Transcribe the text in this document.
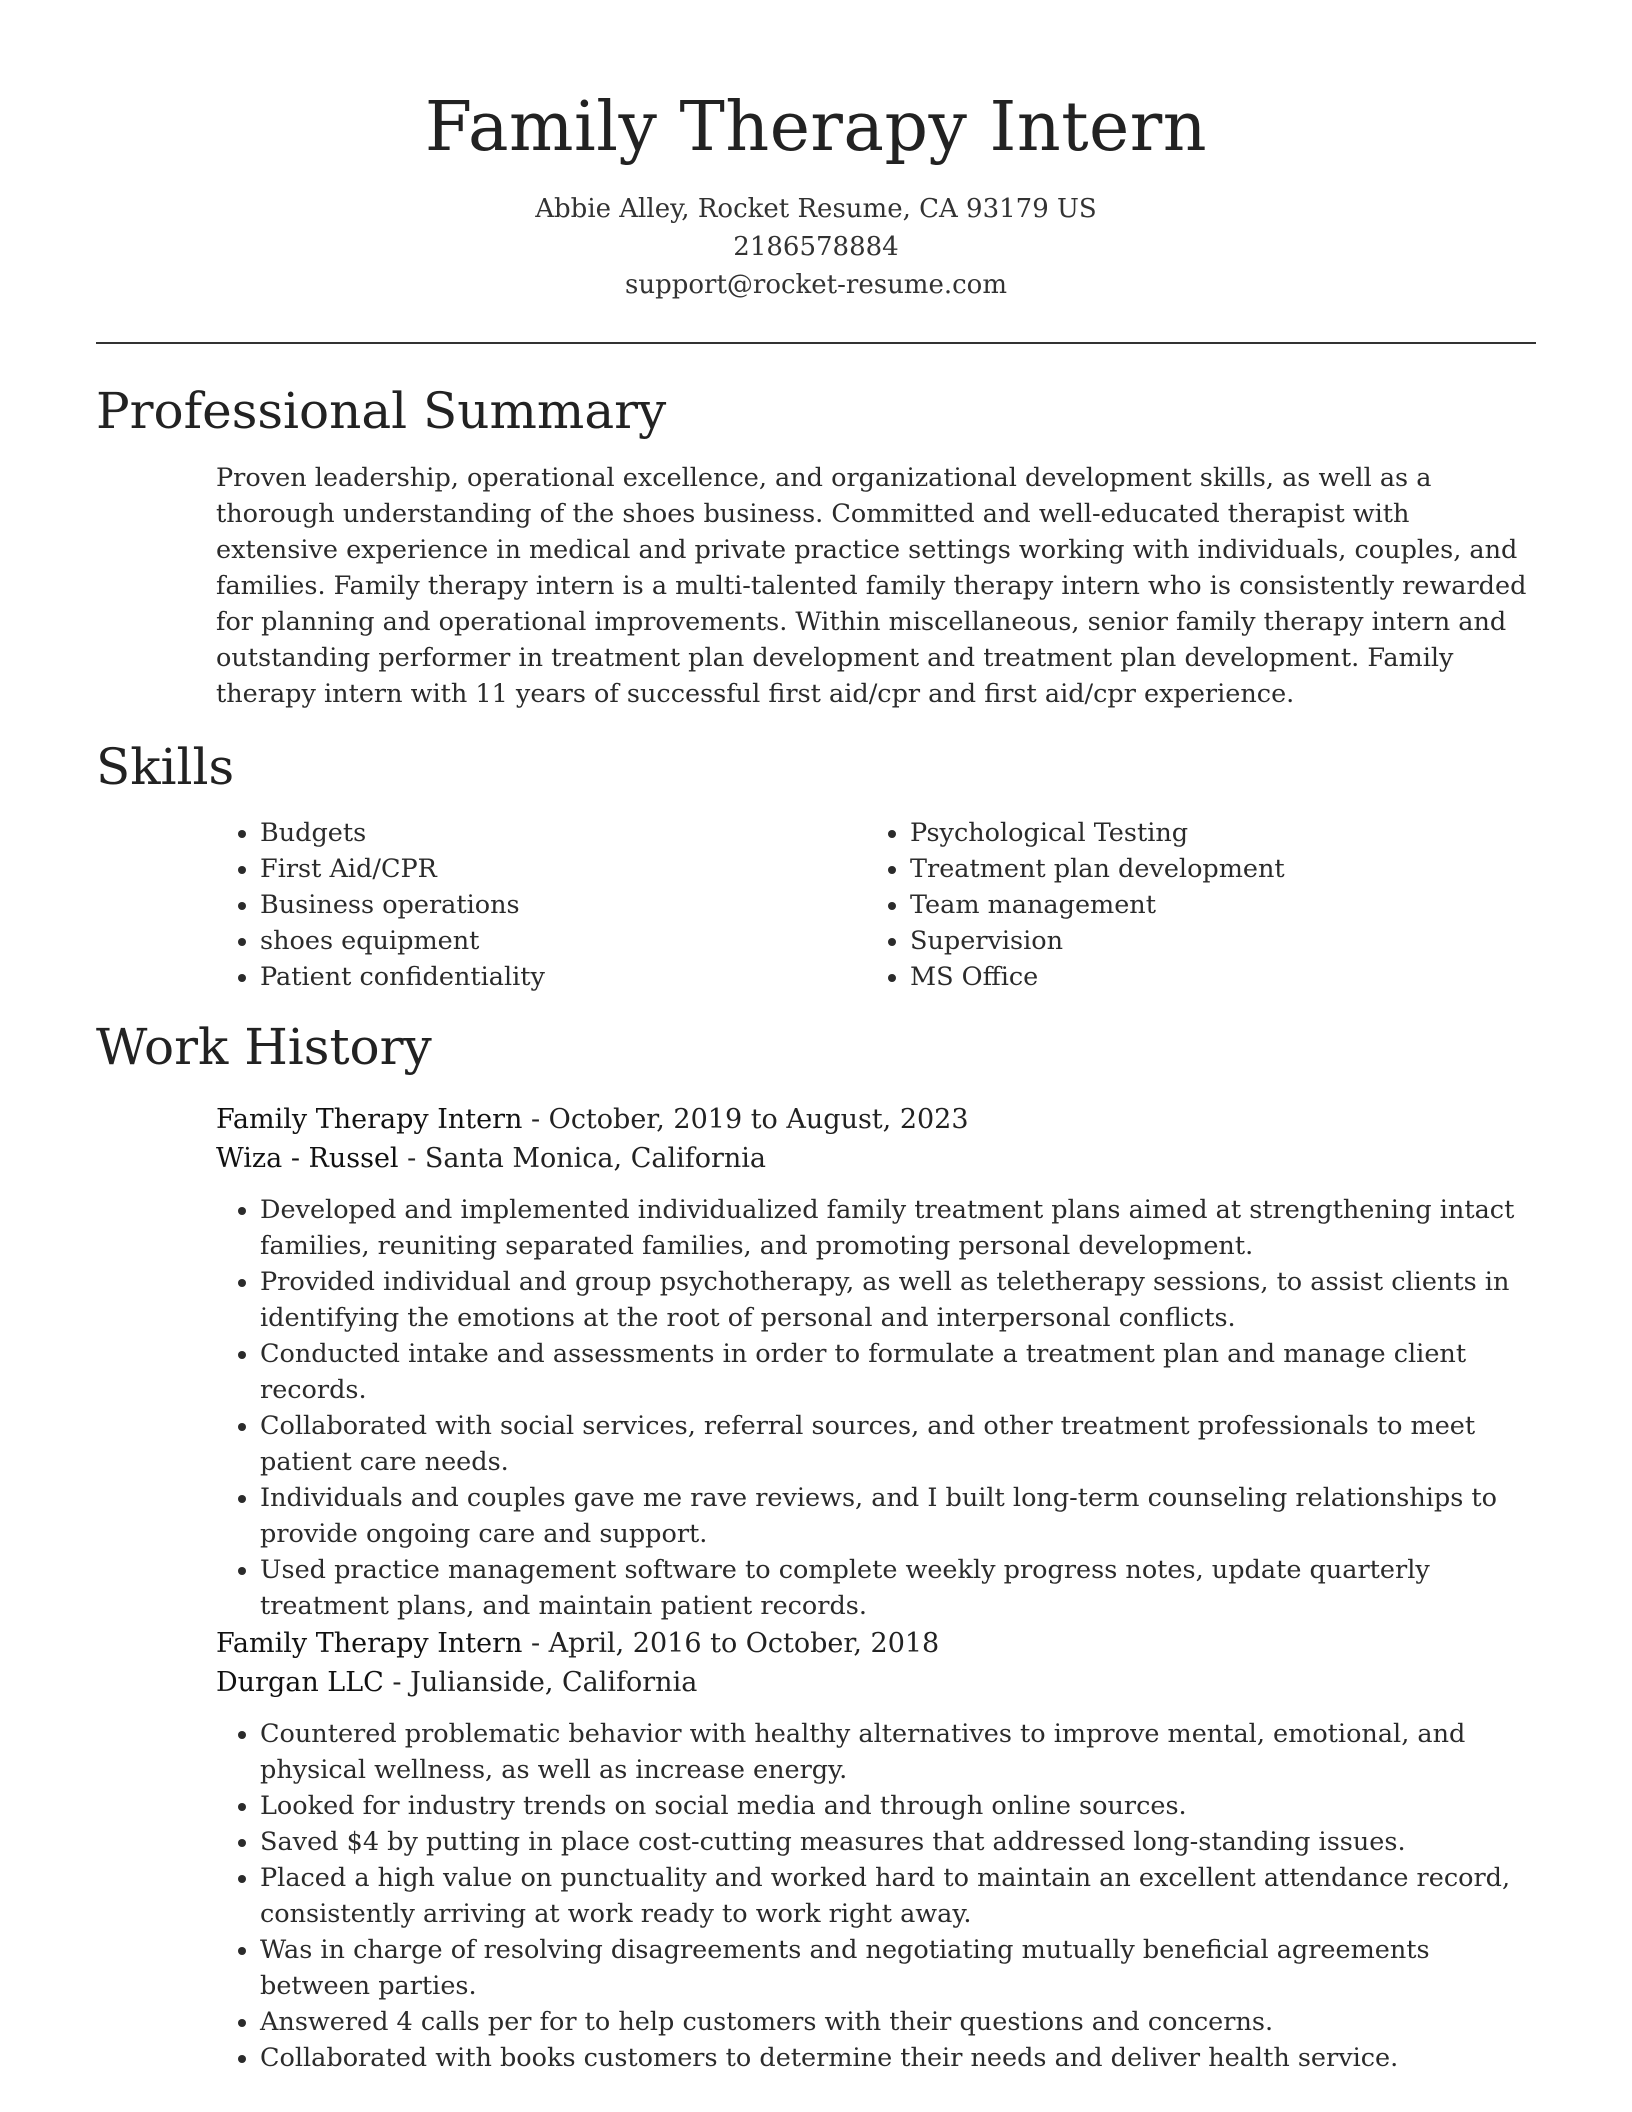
Family Therapy Intern
Abbie Alley, Rocket Resume, CA 93179 US
2186578884
support@rocket-resume.com
Professional Summary

Proven leadership, operational excellence, and organizational development skills, as well as a thorough understanding of the shoes business. Committed and well-educated therapist with extensive experience in medical and private practice settings working with individuals, couples, and families. Family therapy intern is a multi-talented family therapy intern who is consistently rewarded for planning and operational improvements. Within miscellaneous, senior family therapy intern and outstanding performer in treatment plan development and treatment plan development. Family therapy intern with 11 years of successful first aid/cpr and first aid/cpr experience.

Skills
• Budgets
• First Aid/CPR
• Business operations
• shoes equipment
• Patient confidentiality
• Psychological Testing
• Treatment plan development
• Team management
• Supervision
• MS Office
Work History
Family Therapy Intern - October, 2019 to August, 2023
Wiza - Russel - Santa Monica, California
• Developed and implemented individualized family treatment plans aimed at strengthening intact families, reuniting separated families, and promoting personal development.
• Provided individual and group psychotherapy, as well as teletherapy sessions, to assist clients in identifying the emotions at the root of personal and interpersonal conflicts.
• Conducted intake and assessments in order to formulate a treatment plan and manage client records.
• Collaborated with social services, referral sources, and other treatment professionals to meet patient care needs.
• Individuals and couples gave me rave reviews, and I built long-term counseling relationships to provide ongoing care and support.
• Used practice management software to complete weekly progress notes, update quarterly treatment plans, and maintain patient records.
Family Therapy Intern - April, 2016 to October, 2018
Durgan LLC - Julianside, California
• Countered problematic behavior with healthy alternatives to improve mental, emotional, and physical wellness, as well as increase energy.
• Looked for industry trends on social media and through online sources.
• Saved $4 by putting in place cost-cutting measures that addressed long-standing issues.
• Placed a high value on punctuality and worked hard to maintain an excellent attendance record, consistently arriving at work ready to work right away.
• Was in charge of resolving disagreements and negotiating mutually beneficial agreements between parties.
• Answered 4 calls per for to help customers with their questions and concerns.
• Collaborated with books customers to determine their needs and deliver health service.
